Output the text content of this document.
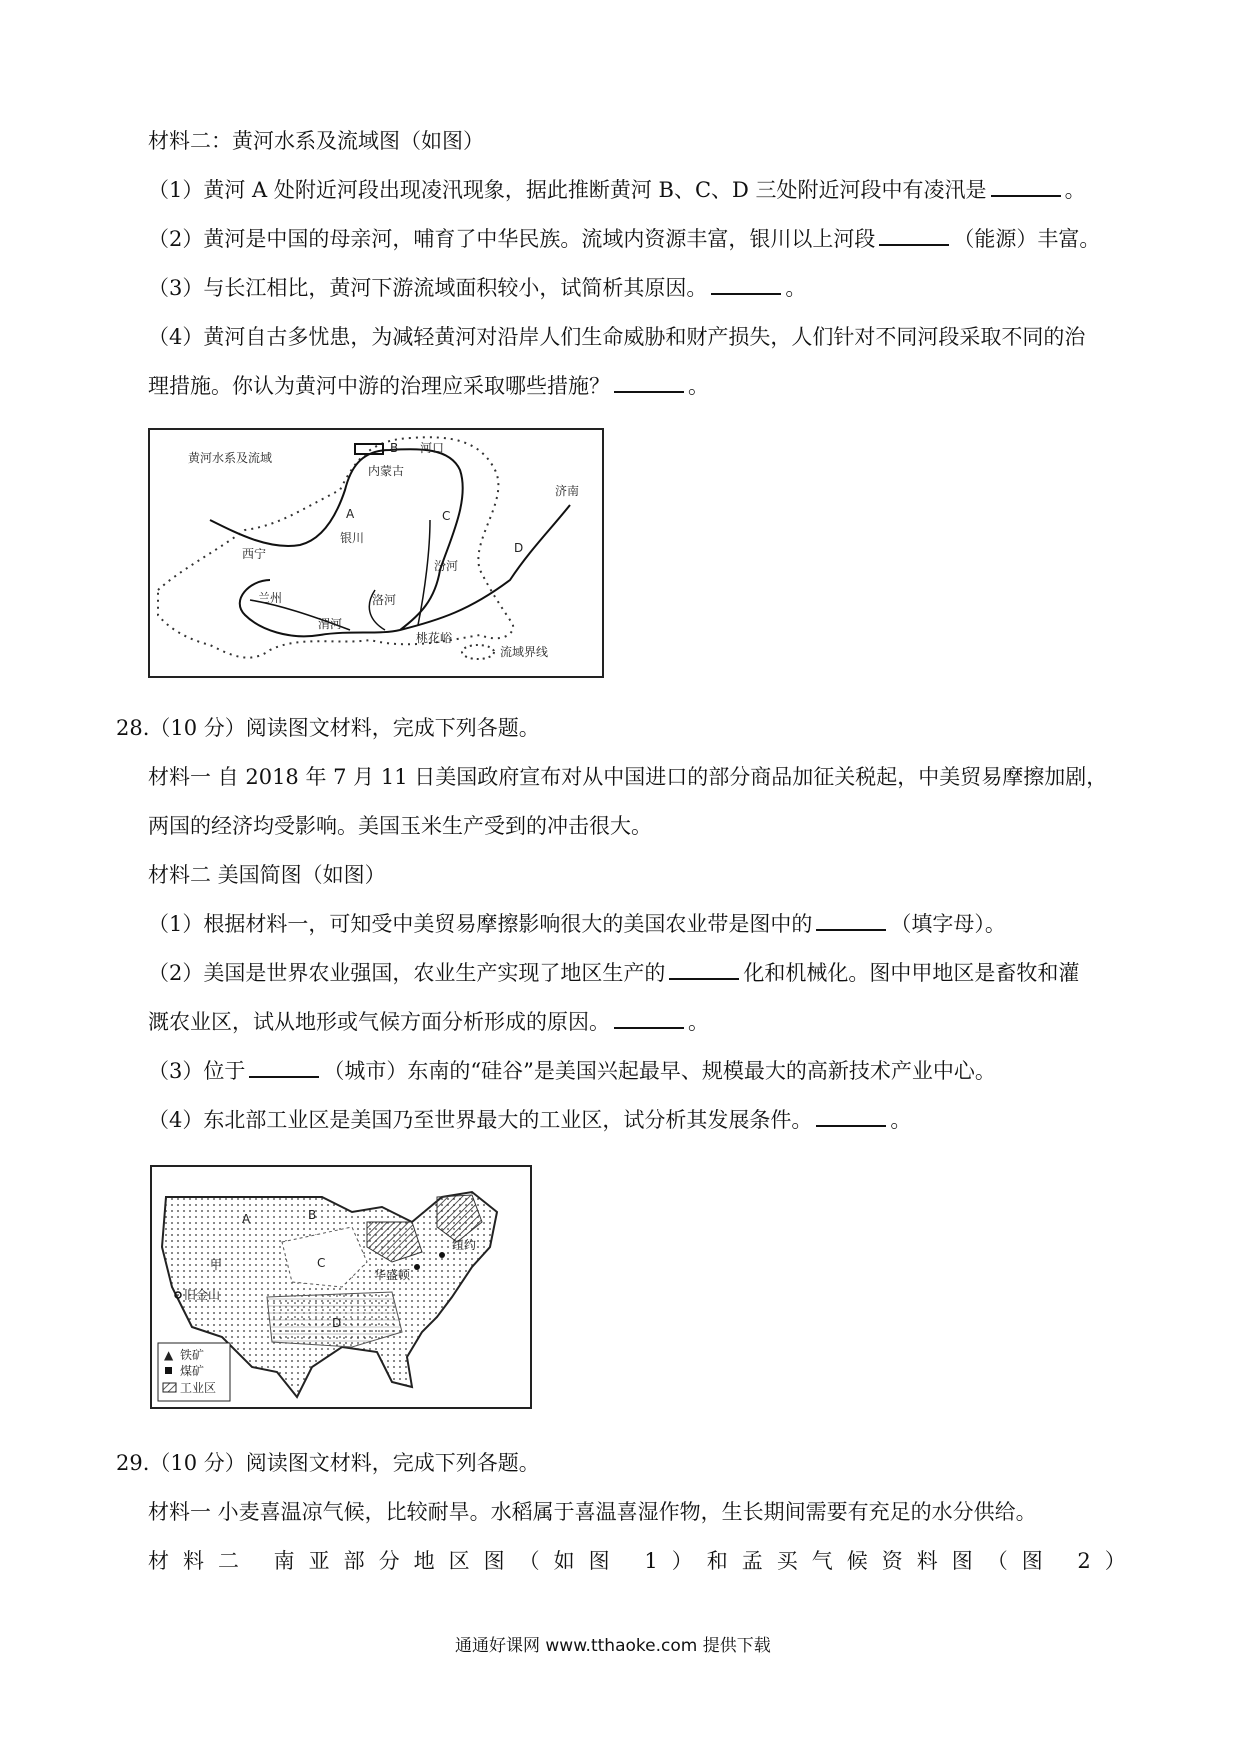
材料二：黄河水系及流域图（如图）
（1）黄河 A 处附近河段出现凌汛现象，据此推断黄河 B、C、D 三处附近河段中有凌汛是	。
（2）黄河是中国的母亲河，哺育了中华民族。流域内资源丰富，银川以上河段	（能源）丰富。
（3）与长江相比，黄河下游流域面积较小，试简析其原因。	。
（4）黄河自古多忧患，为减轻黄河对沿岸人们生命威胁和财产损失，人们针对不同河段采取不同的治
理措施。你认为黄河中游的治理应采取哪些措施？	。
黄河水系及流域
B 河口
内蒙古
A
银川
C
D
济南
西宁
兰州
渭河
洛河
汾河
桃花峪
流域界线
28.（10 分）阅读图文材料，完成下列各题。
材料一 自 2018 年 7 月 11 日美国政府宣布对从中国进口的部分商品加征关税起，中美贸易摩擦加剧，
两国的经济均受影响。美国玉米生产受到的冲击很大。
材料二 美国简图（如图）
（1）根据材料一，可知受中美贸易摩擦影响很大的美国农业带是图中的	（填字母）。
（2）美国是世界农业强国，农业生产实现了地区生产的	化和机械化。图中甲地区是畜牧和灌
溉农业区，试从地形或气候方面分析形成的原因。	。
（3）位于	（城市）东南的“硅谷”是美国兴起最早、规模最大的高新技术产业中心。
（4）东北部工业区是美国乃至世界最大的工业区，试分析其发展条件。	。
A	B
C
D
甲
旧金山
纽约
华盛顿
▲ 铁矿
煤矿
工业区
29.（10 分）阅读图文材料，完成下列各题。
材料一 小麦喜温凉气候，比较耐旱。水稻属于喜温喜湿作物，生长期间需要有充足的水分供给。
材料二 南亚部分地区图（如图 1）和孟买气候资料图（图 2）
通通好课网 www.tthaoke.com 提供下载
